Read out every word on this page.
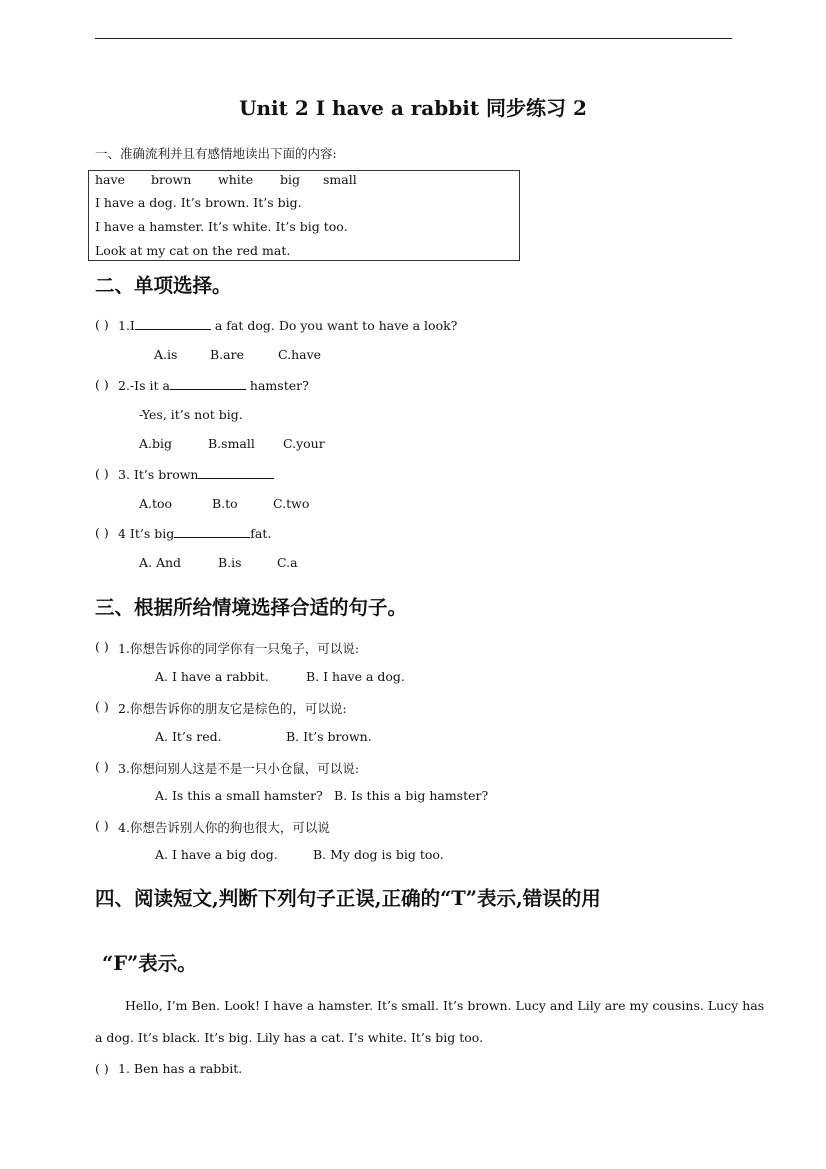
Unit 2 I have a rabbit 同步练习 2
一、准确流利并且有感情地读出下面的内容:
have brown white big small
I have a dog. It’s brown. It’s big.
I have a hamster. It’s white. It’s big too.
Look at my cat on the red mat.
二、单项选择。
( ) 1.I	a fat dog. Do you want to have a look?
A.is	B.are	C.have
( ) 2.-Is it a	hamster?
-Yes, it’s not big.
A.big	B.small C.your
( ) 3. It’s brown
A.too	B.to	C.two
( ) 4 It’s big	fat.
A. And	B.is	C.a
三、根据所给情境选择合适的句子。
( ) 1.你想告诉你的同学你有一只兔子，可以说:
A. I have a rabbit.	B. I have a dog.
( ) 2.你想告诉你的朋友它是棕色的，可以说:
A. It’s red.	B. It’s brown.
( ) 3.你想问别人这是不是一只小仓鼠，可以说:
A. Is this a small hamster? B. Is this a big hamster?
( ) 4.你想告诉别人你的狗也很大，可以说
A. I have a big dog.	B. My dog is big too.
四、阅读短文,判断下列句子正误,正确的“T”表示,错误的用
“F”表示。
Hello, I’m Ben. Look! I have a hamster. It’s small. It’s brown. Lucy and Lily are my cousins. Lucy has
a dog. It’s black. It’s big. Lily has a cat. I’s white. It’s big too.
( ) 1. Ben has a rabbit.
